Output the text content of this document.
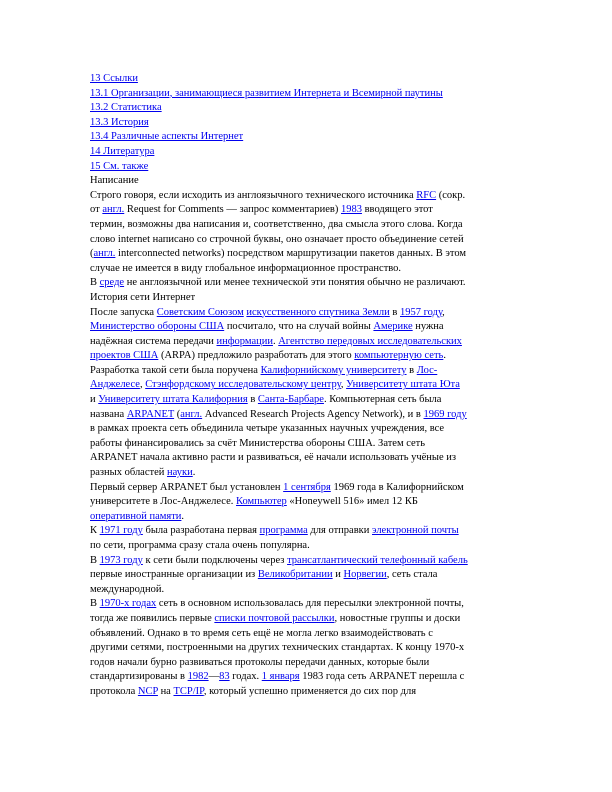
13 Ссылки
13.1 Организации, занимающиеся развитием Интернета и Всемирной паутины
13.2 Статистика
13.3 История
13.4 Различные аспекты Интернет
14 Литература
15 См. также
Написание
Строго говоря, если исходить из англоязычного технического источника RFC (сокр.
от англ. Request for Comments — запрос комментариев) 1983 вводящего этот
термин, возможны два написания и, соответственно, два смысла этого слова. Когда
слово internet написано со строчной буквы, оно означает просто объединение сетей
(англ. interconnected networks) посредством маршрутизации пакетов данных. В этом
случае не имеется в виду глобальное информационное пространство.
В среде не англоязычной или менее технической эти понятия обычно не различают.
История сети Интернет
После запуска Советским Союзом искусственного спутника Земли в 1957 году,
Министерство обороны США посчитало, что на случай войны Америке нужна
надёжная система передачи информации. Агентство передовых исследовательских
проектов США (ARPA) предложило разработать для этого компьютерную сеть.
Разработка такой сети была поручена Калифорнийскому университету в Лос-
Анджелесе, Стэнфордскому исследовательскому центру, Университету штата Юта
и Университету штата Калифорния в Санта-Барбаре. Компьютерная сеть была
названа ARPANET (англ. Advanced Research Projects Agency Network), и в 1969 году
в рамках проекта сеть объединила четыре указанных научных учреждения, все
работы финансировались за счёт Министерства обороны США. Затем сеть
ARPANET начала активно расти и развиваться, её начали использовать учёные из
разных областей науки.
Первый сервер ARPANET был установлен 1 сентября 1969 года в Калифорнийском
университете в Лос-Анджелесе. Компьютер «Honeywell 516» имел 12 КБ
оперативной памяти.
К 1971 году была разработана первая программа для отправки электронной почты
по сети, программа сразу стала очень популярна.
В 1973 году к сети были подключены через трансатлантический телефонный кабель
первые иностранные организации из Великобритании и Норвегии, сеть стала
международной.
В 1970-х годах сеть в основном использовалась для пересылки электронной почты,
тогда же появились первые списки почтовой рассылки, новостные группы и доски
объявлений. Однако в то время сеть ещё не могла легко взаимодействовать с
другими сетями, построенными на других технических стандартах. К концу 1970-х
годов начали бурно развиваться протоколы передачи данных, которые были
стандартизированы в 1982—83 годах. 1 января 1983 года сеть ARPANET перешла с
протокола NCP на TCP/IP, который успешно применяется до сих пор для
